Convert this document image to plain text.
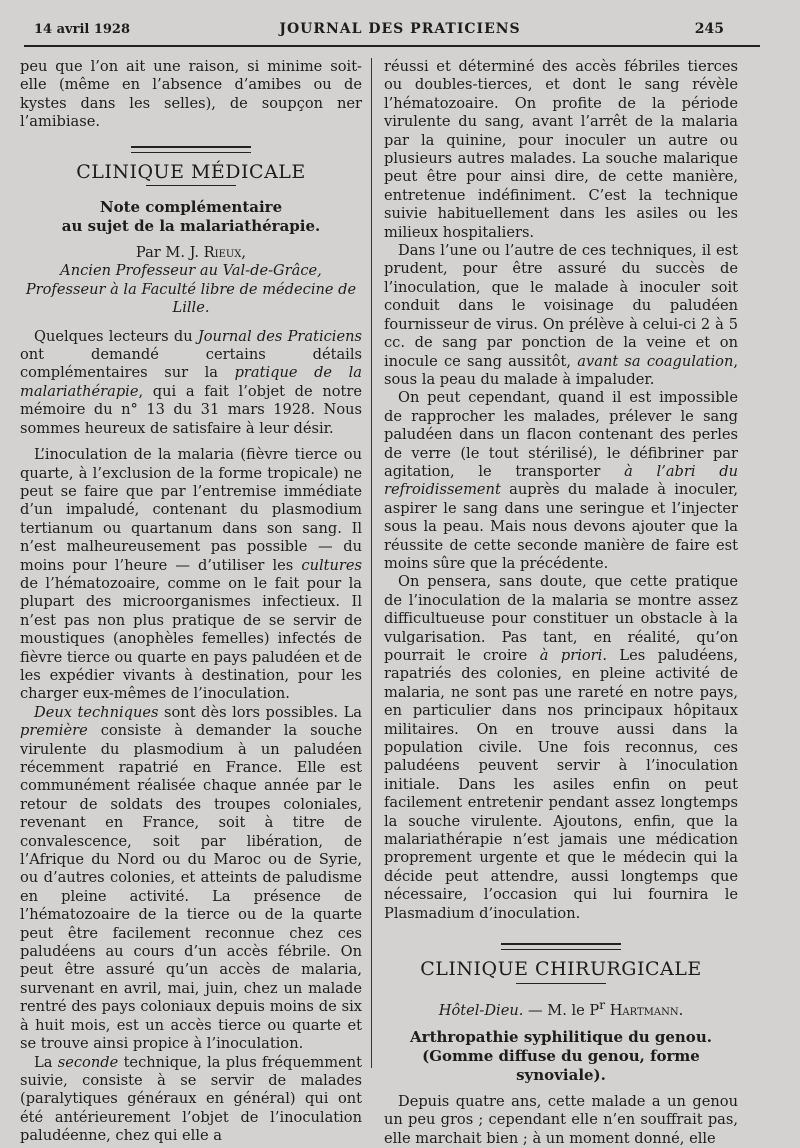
14 avril 1928	JOURNAL DES PRATICIENS	245

peu que l’on ait une raison, si minime soit-elle (même en l’absence d’amibes ou de kystes dans les selles), de soupçon ner l’amibiase.

CLINIQUE MÉDICALE
Note complémentaire
au sujet de la malariathérapie.
Par M. J. Rieux,
Ancien Professeur au Val-de-Grâce,
Professeur à la Faculté libre de médecine de Lille.

Quelques lecteurs du Journal des Praticiens ont demandé certains détails complémentaires sur la pratique de la malariathérapie, qui a fait l’objet de notre mémoire du n° 13 du 31 mars 1928. Nous sommes heureux de satisfaire à leur désir.

L’inoculation de la malaria (fièvre tierce ou quarte, à l’exclusion de la forme tropicale) ne peut se faire que par l’entremise immédiate d’un impaludé, contenant du plasmodium tertianum ou quartanum dans son sang. Il n’est malheureusement pas possible — du moins pour l’heure — d’utiliser les cultures de l’hématozoaire, comme on le fait pour la plupart des microorganismes infectieux. Il n’est pas non plus pratique de se servir de moustiques (anophèles femelles) infectés de fièvre tierce ou quarte en pays paludéen et de les expédier vivants à destination, pour les charger eux-mêmes de l’inoculation.

Deux techniques sont dès lors possibles. La première consiste à demander la souche virulente du plasmodium à un paludéen récemment rapatrié en France. Elle est communément réalisée chaque année par le retour de soldats des troupes coloniales, revenant en France, soit à titre de convalescence, soit par libération, de l’Afrique du Nord ou du Maroc ou de Syrie, ou d’autres colonies, et atteints de paludisme en pleine activité. La présence de l’hématozoaire de la tierce ou de la quarte peut être facilement reconnue chez ces paludéens au cours d’un accès fébrile. On peut être assuré qu’un accès de malaria, survenant en avril, mai, juin, chez un malade rentré des pays coloniaux depuis moins de six à huit mois, est un accès tierce ou quarte et se trouve ainsi propice à l’inoculation.

La seconde technique, la plus fréquemment suivie, consiste à se servir de malades (paralytiques généraux en général) qui ont été antérieurement l’objet de l’inoculation paludéenne, chez qui elle a

réussi et déterminé des accès fébriles tierces ou doubles-tierces, et dont le sang révèle l’hématozoaire. On profite de la période virulente du sang, avant l’arrêt de la malaria par la quinine, pour inoculer un autre ou plusieurs autres malades. La souche malarique peut être pour ainsi dire, de cette manière, entretenue indéfiniment. C’est la technique suivie habituellement dans les asiles ou les milieux hospitaliers.

Dans l’une ou l’autre de ces techniques, il est prudent, pour être assuré du succès de l’inoculation, que le malade à inoculer soit conduit dans le voisinage du paludéen fournisseur de virus. On prélève à celui-ci 2 à 5 cc. de sang par ponction de la veine et on inocule ce sang aussitôt, avant sa coagulation, sous la peau du malade à impaluder.

On peut cependant, quand il est impossible de rapprocher les malades, prélever le sang paludéen dans un flacon contenant des perles de verre (le tout stérilisé), le défibriner par agitation, le transporter à l’abri du refroidissement auprès du malade à inoculer, aspirer le sang dans une seringue et l’injecter sous la peau. Mais nous devons ajouter que la réussite de cette seconde manière de faire est moins sûre que la précédente.

On pensera, sans doute, que cette pratique de l’inoculation de la malaria se montre assez difficultueuse pour constituer un obstacle à la vulgarisation. Pas tant, en réalité, qu’on pourrait le croire à priori. Les paludéens, rapatriés des colonies, en pleine activité de malaria, ne sont pas une rareté en notre pays, en particulier dans nos principaux hôpitaux militaires. On en trouve aussi dans la population civile. Une fois reconnus, ces paludéens peuvent servir à l’inoculation initiale. Dans les asiles enfin on peut facilement entretenir pendant assez longtemps la souche virulente. Ajoutons, enfin, que la malariathérapie n’est jamais une médication proprement urgente et que le médecin qui la décide peut attendre, aussi longtemps que nécessaire, l’occasion qui lui fournira le Plasmadium d’inoculation.

CLINIQUE CHIRURGICALE
Hôtel-Dieu. — M. le $P^r$ Hartmann.
Arthropathie syphilitique du genou.
(Gomme diffuse du genou, forme synoviale).

Depuis quatre ans, cette malade a un genou un peu gros ; cependant elle n’en souffrait pas, elle marchait bien ; à un moment donné, elle
